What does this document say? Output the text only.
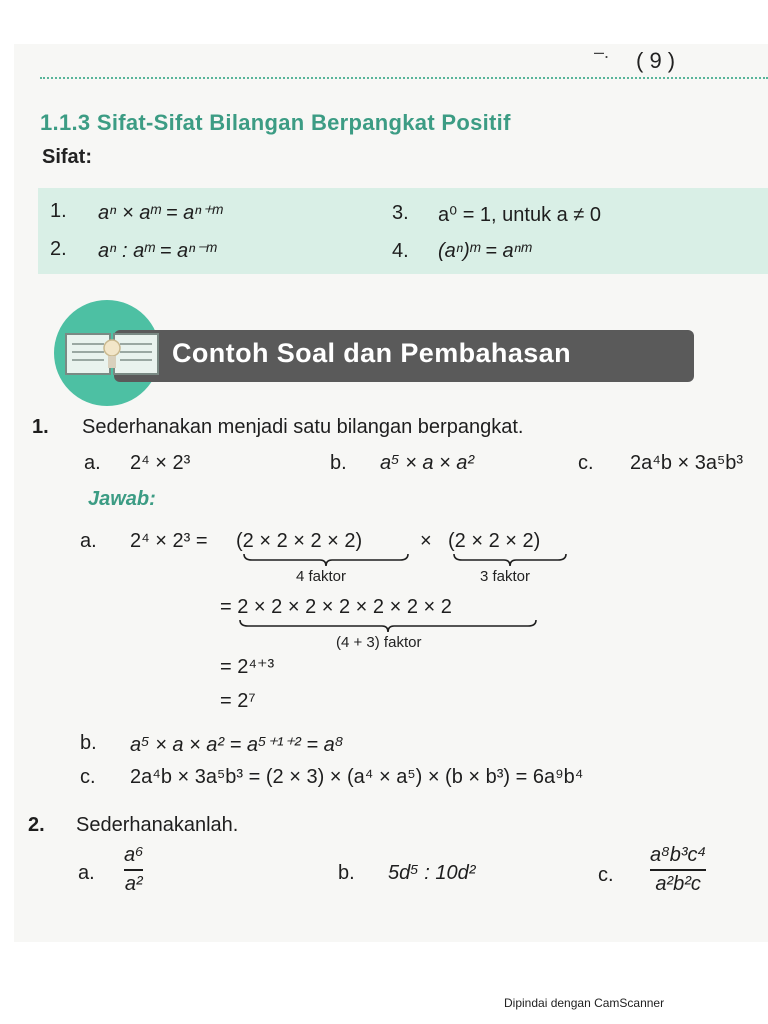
–. ( 9 )
1.1.3 Sifat-Sifat Bilangan Berpangkat Positif
Sifat:
1. aⁿ × aᵐ = aⁿ⁺ᵐ
2. aⁿ : aᵐ = aⁿ⁻ᵐ
3. a⁰ = 1, untuk a ≠ 0
4. (aⁿ)ᵐ = aⁿᵐ
Contoh Soal dan Pembahasan
1. Sederhanakan menjadi satu bilangan berpangkat.
a. 2⁴ × 2³	b. a⁵ × a × a²	c. 2a⁴b × 3a⁵b³
Jawab:
a. 2⁴ × 2³ = (2 × 2 × 2 × 2)	× (2 × 2 × 2)
4 faktor	3 faktor
= 2 × 2 × 2 × 2 × 2 × 2 × 2
(4 + 3) faktor
= 2⁴⁺³
= 2⁷
b. a⁵ × a × a² = a⁵⁺¹⁺² = a⁸
c. 2a⁴b × 3a⁵b³ = (2 × 3) × (a⁴ × a⁵) × (b × b³) = 6a⁹b⁴
2. Sederhanakanlah.
a.
a⁶
a²	b. 5d⁵ : 10d²	c.
a⁸b³c⁴
a²b²c
Dipindai dengan CamScanner
